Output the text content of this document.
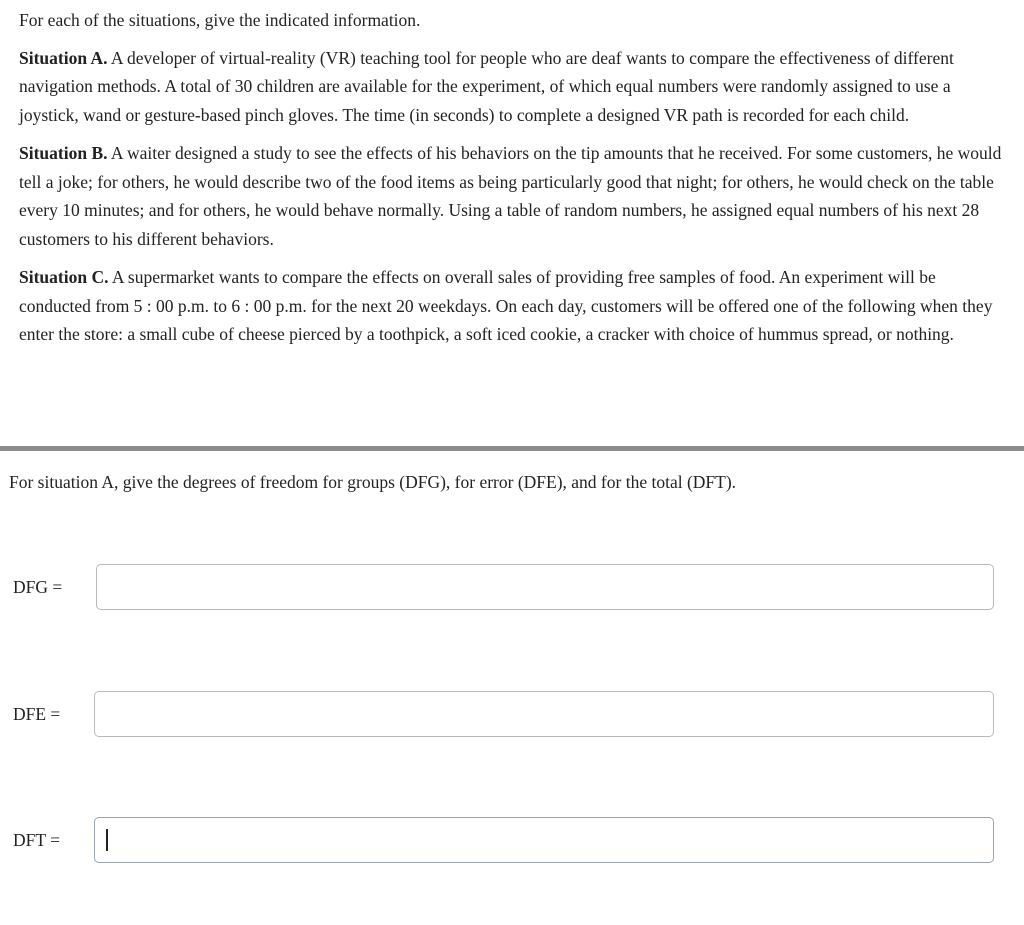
For each of the situations, give the indicated information.

Situation A. A developer of virtual-reality (VR) teaching tool for people who are deaf wants to compare the effectiveness of different navigation methods. A total of 30 children are available for the experiment, of which equal numbers were randomly assigned to use a joystick, wand or gesture-based pinch gloves. The time (in seconds) to complete a designed VR path is recorded for each child.

Situation B. A waiter designed a study to see the effects of his behaviors on the tip amounts that he received. For some customers, he would tell a joke; for others, he would describe two of the food items as being particularly good that night; for others, he would check on the table every 10 minutes; and for others, he would behave normally. Using a table of random numbers, he assigned equal numbers of his next 28 customers to his different behaviors.

Situation C. A supermarket wants to compare the effects on overall sales of providing free samples of food. An experiment will be conducted from 5 : 00 p.m. to 6 : 00 p.m. for the next 20 weekdays. On each day, customers will be offered one of the following when they enter the store: a small cube of cheese pierced by a toothpick, a soft iced cookie, a cracker with choice of hummus spread, or nothing.

For situation A, give the degrees of freedom for groups (DFG), for error (DFE), and for the total (DFT).

DFG =
DFE =
DFT =
